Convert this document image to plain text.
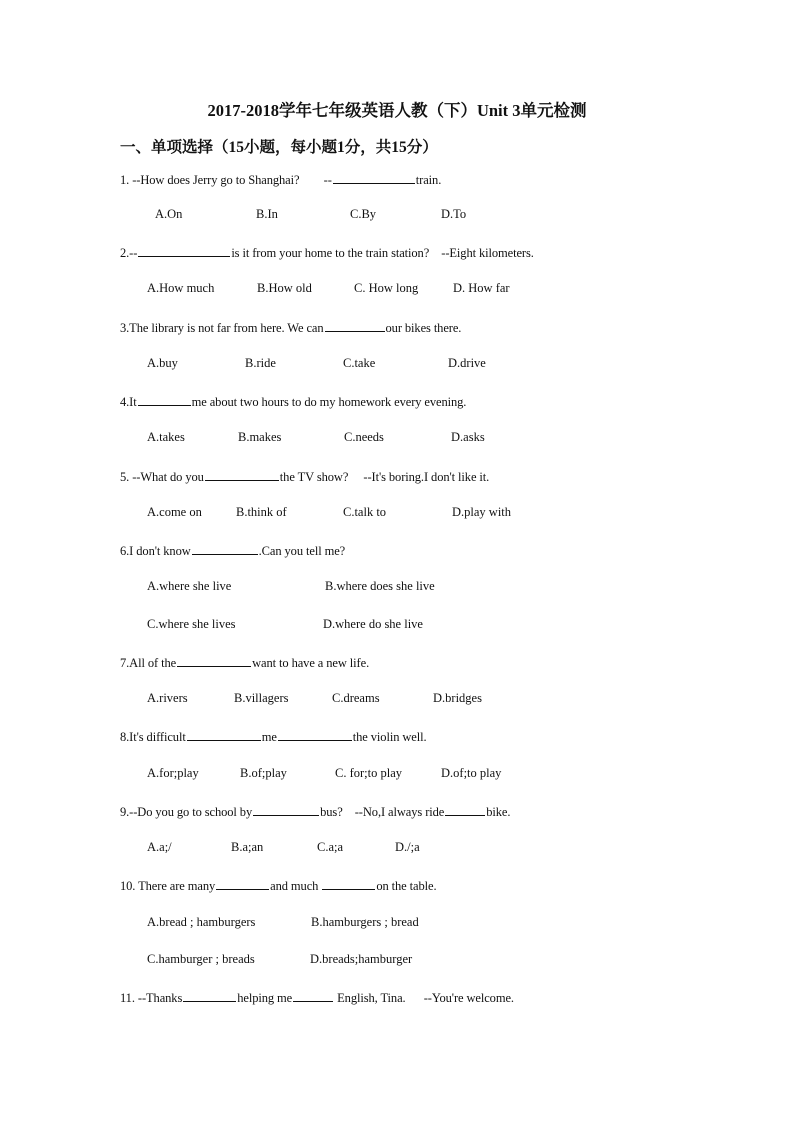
2017-2018学年七年级英语人教（下）Unit 3单元检测
一、单项选择（15小题，每小题1分，共15分）
1. --How does Jerry go to Shanghai?        --	train.
A.On	B.In	C.By	D.To
2.--	is it from your home to the train station?    --Eight kilometers.
A.How much	B.How old	C. How long	D. How far
3.The library is not far from here. We can	our bikes there.
A.buy	B.ride	C.take	D.drive
4.It	me about two hours to do my homework every evening.
A.takes	B.makes	C.needs	D.asks
5. --What do you	the TV show?     --It's boring.I don't like it.
A.come on	B.think of	C.talk to	D.play with
6.I don't know	.Can you tell me?
A.where she live	B.where does she live
C.where she lives	D.where do she live
7.All of the	want to have a new life.
A.rivers	B.villagers	C.dreams	D.bridges
8.It's difficult	me	the violin well.
A.for;play	B.of;play	C. for;to play	D.of;to play
9.--Do you go to school by	bus?    --No,I always ride	bike.
A.a;/	B.a;an	C.a;a	D./;a
10. There are many	and much	on the table.
A.bread ; hamburgers	B.hamburgers ; bread
C.hamburger ; breads	D.breads;hamburger
11. --Thanks	helping me	English, Tina.      --You're welcome.
